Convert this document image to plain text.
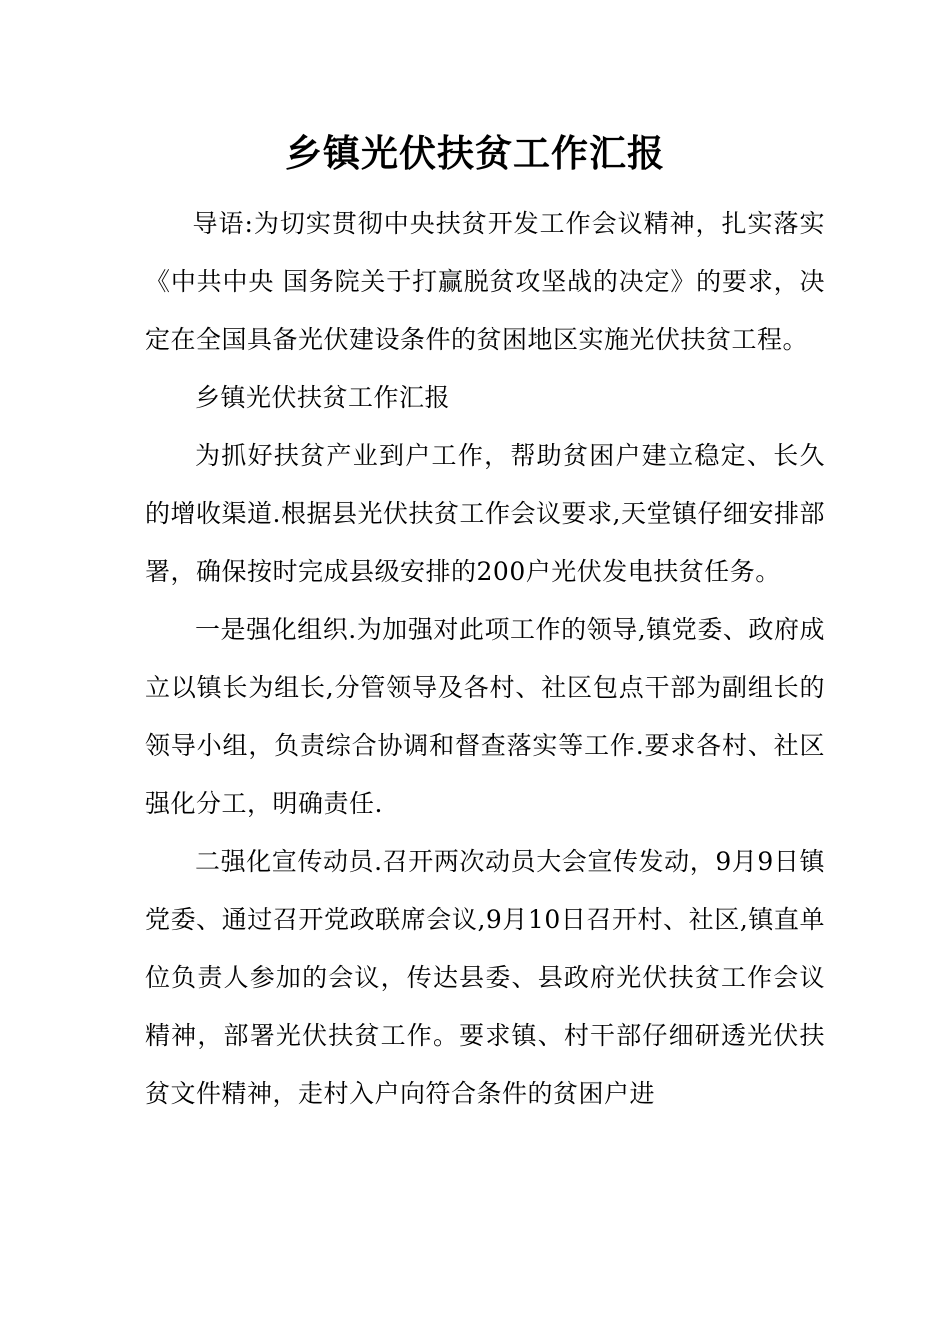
乡镇光伏扶贫工作汇报

导语:为切实贯彻中央扶贫开发工作会议精神，扎实落实《中共中央 国务院关于打赢脱贫攻坚战的决定》的要求，决定在全国具备光伏建设条件的贫困地区实施光伏扶贫工程。

乡镇光伏扶贫工作汇报

为抓好扶贫产业到户工作，帮助贫困户建立稳定、长久的增收渠道.根据县光伏扶贫工作会议要求,天堂镇仔细安排部署，确保按时完成县级安排的200户光伏发电扶贫任务。

一是强化组织.为加强对此项工作的领导,镇党委、政府成立以镇长为组长,分管领导及各村、社区包点干部为副组长的领导小组，负责综合协调和督查落实等工作.要求各村、社区强化分工，明确责任.

二强化宣传动员.召开两次动员大会宣传发动，9月9日镇党委、通过召开党政联席会议,9月10日召开村、社区,镇直单位负责人参加的会议，传达县委、县政府光伏扶贫工作会议精神，部署光伏扶贫工作。要求镇、村干部仔细研透光伏扶贫文件精神，走村入户向符合条件的贫困户进
